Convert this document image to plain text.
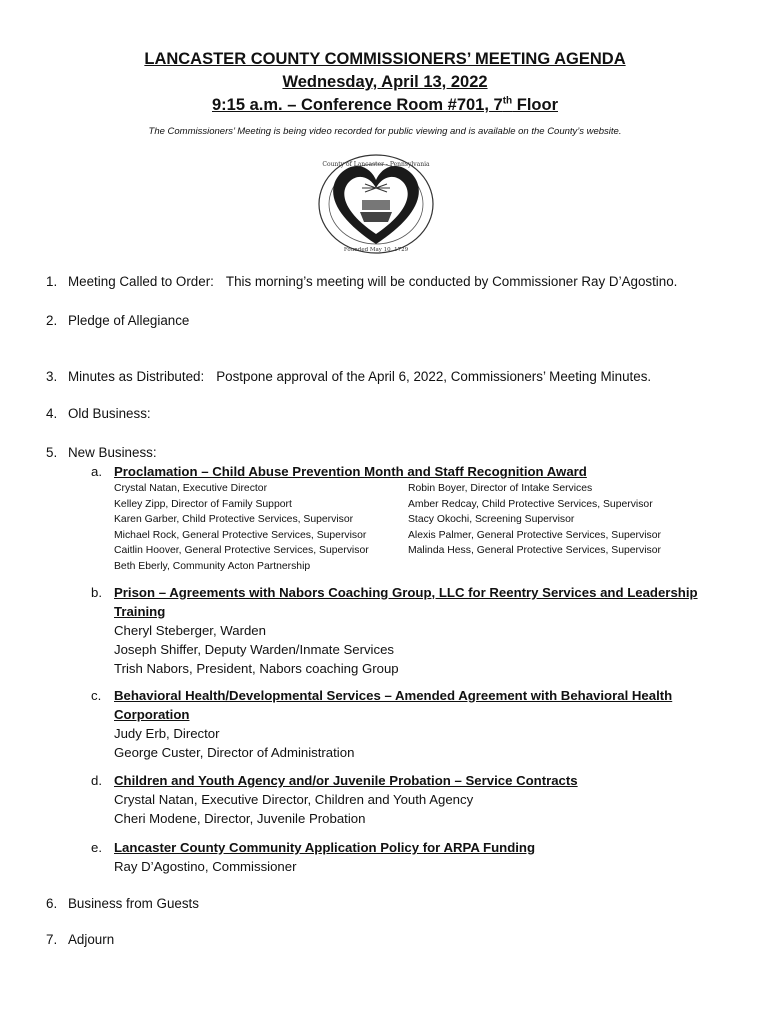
LANCASTER COUNTY COMMISSIONERS’ MEETING AGENDA
Wednesday, April 13, 2022
9:15 a.m. – Conference Room #701, 7th Floor
The Commissioners’ Meeting is being video recorded for public viewing and is available on the County’s website.
County of Lancaster - Pennsylvania
Founded May 10, 1729
1. Meeting Called to Order: This morning’s meeting will be conducted by Commissioner Ray D’Agostino.
2. Pledge of Allegiance
3. Minutes as Distributed: Postpone approval of the April 6, 2022, Commissioners’ Meeting Minutes.
4. Old Business:
5. New Business:
a. Proclamation – Child Abuse Prevention Month and Staff Recognition Award
Crystal Natan, Executive Director
Kelley Zipp, Director of Family Support
Karen Garber, Child Protective Services, Supervisor
Michael Rock, General Protective Services, Supervisor
Caitlin Hoover, General Protective Services, Supervisor
Beth Eberly, Community Acton Partnership
Robin Boyer, Director of Intake Services
Amber Redcay, Child Protective Services, Supervisor
Stacy Okochi, Screening Supervisor
Alexis Palmer, General Protective Services, Supervisor
Malinda Hess, General Protective Services, Supervisor
b. Prison – Agreements with Nabors Coaching Group, LLC for Reentry Services and Leadership
Training
Cheryl Steberger, Warden
Joseph Shiffer, Deputy Warden/Inmate Services
Trish Nabors, President, Nabors coaching Group
c. Behavioral Health/Developmental Services – Amended Agreement with Behavioral Health
Corporation
Judy Erb, Director
George Custer, Director of Administration
d. Children and Youth Agency and/or Juvenile Probation – Service Contracts
Crystal Natan, Executive Director, Children and Youth Agency
Cheri Modene, Director, Juvenile Probation
e. Lancaster County Community Application Policy for ARPA Funding
Ray D’Agostino, Commissioner
6. Business from Guests
7. Adjourn
